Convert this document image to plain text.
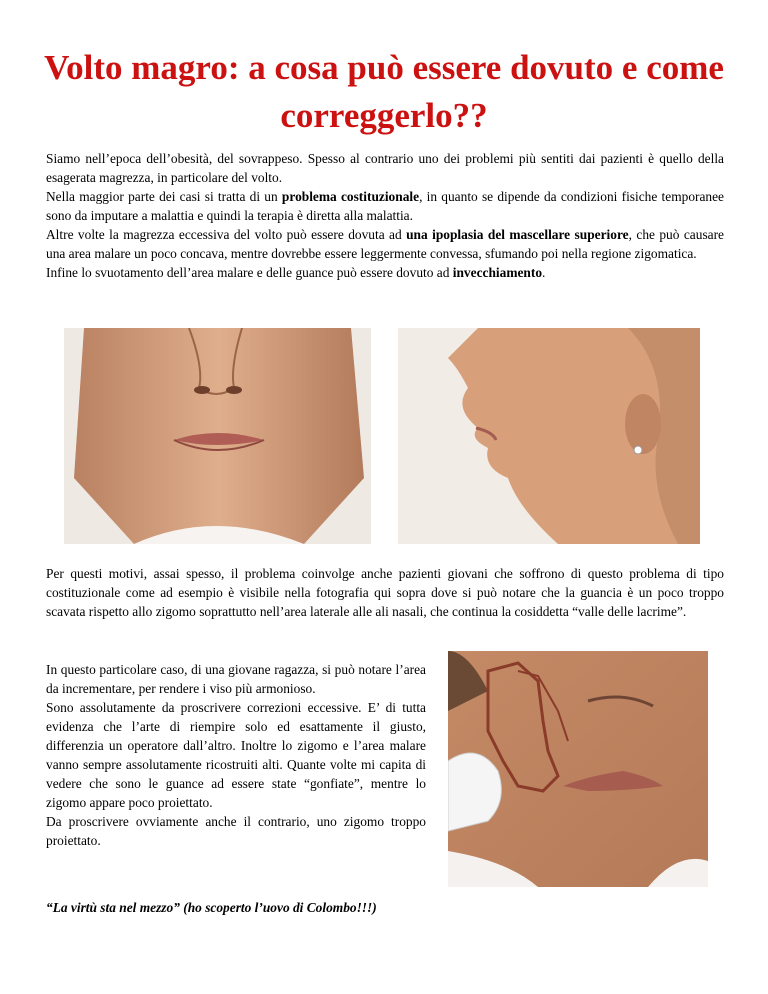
Volto magro: a cosa può essere dovuto e come correggerlo??

Siamo nell’epoca dell’obesità, del sovrappeso. Spesso al contrario uno dei problemi più sentiti dai pazienti è quello della esagerata magrezza, in particolare del volto.

Nella maggior parte dei casi si tratta di un problema costituzionale, in quanto se dipende da condizioni fisiche temporanee sono da imputare a malattia e quindi la terapia è diretta alla malattia.

Altre volte la magrezza eccessiva del volto può essere dovuta ad una ipoplasia del mascellare superiore, che può causare una area malare un poco concava, mentre dovrebbe essere leggermente convessa, sfumando poi nella regione zigomatica.

Infine lo svuotamento dell’area malare e delle guance può essere dovuto ad invecchiamento.

Per questi motivi, assai spesso, il problema coinvolge anche pazienti giovani che soffrono di questo problema di tipo costituzionale come ad esempio è visibile nella fotografia qui sopra dove si può notare che la guancia è un poco troppo scavata rispetto allo zigomo soprattutto nell’area laterale alle ali nasali, che continua la cosiddetta “valle delle lacrime”.

In questo particolare caso, di una giovane ragazza, si può notare l’area da incrementare, per rendere i viso più armonioso.

Sono assolutamente da proscrivere correzioni eccessive. E’ di tutta evidenza che l’arte di riempire solo ed esattamente il giusto, differenzia un operatore dall’altro. Inoltre lo zigomo e l’area malare vanno sempre assolutamente ricostruiti alti. Quante volte mi capita di vedere che sono le guance ad essere state “gonfiate”, mentre lo zigomo appare poco proiettato.

Da proscrivere ovviamente anche il contrario, uno zigomo troppo proiettato.

“La virtù sta nel mezzo” (ho scoperto l’uovo di Colombo!!!)
